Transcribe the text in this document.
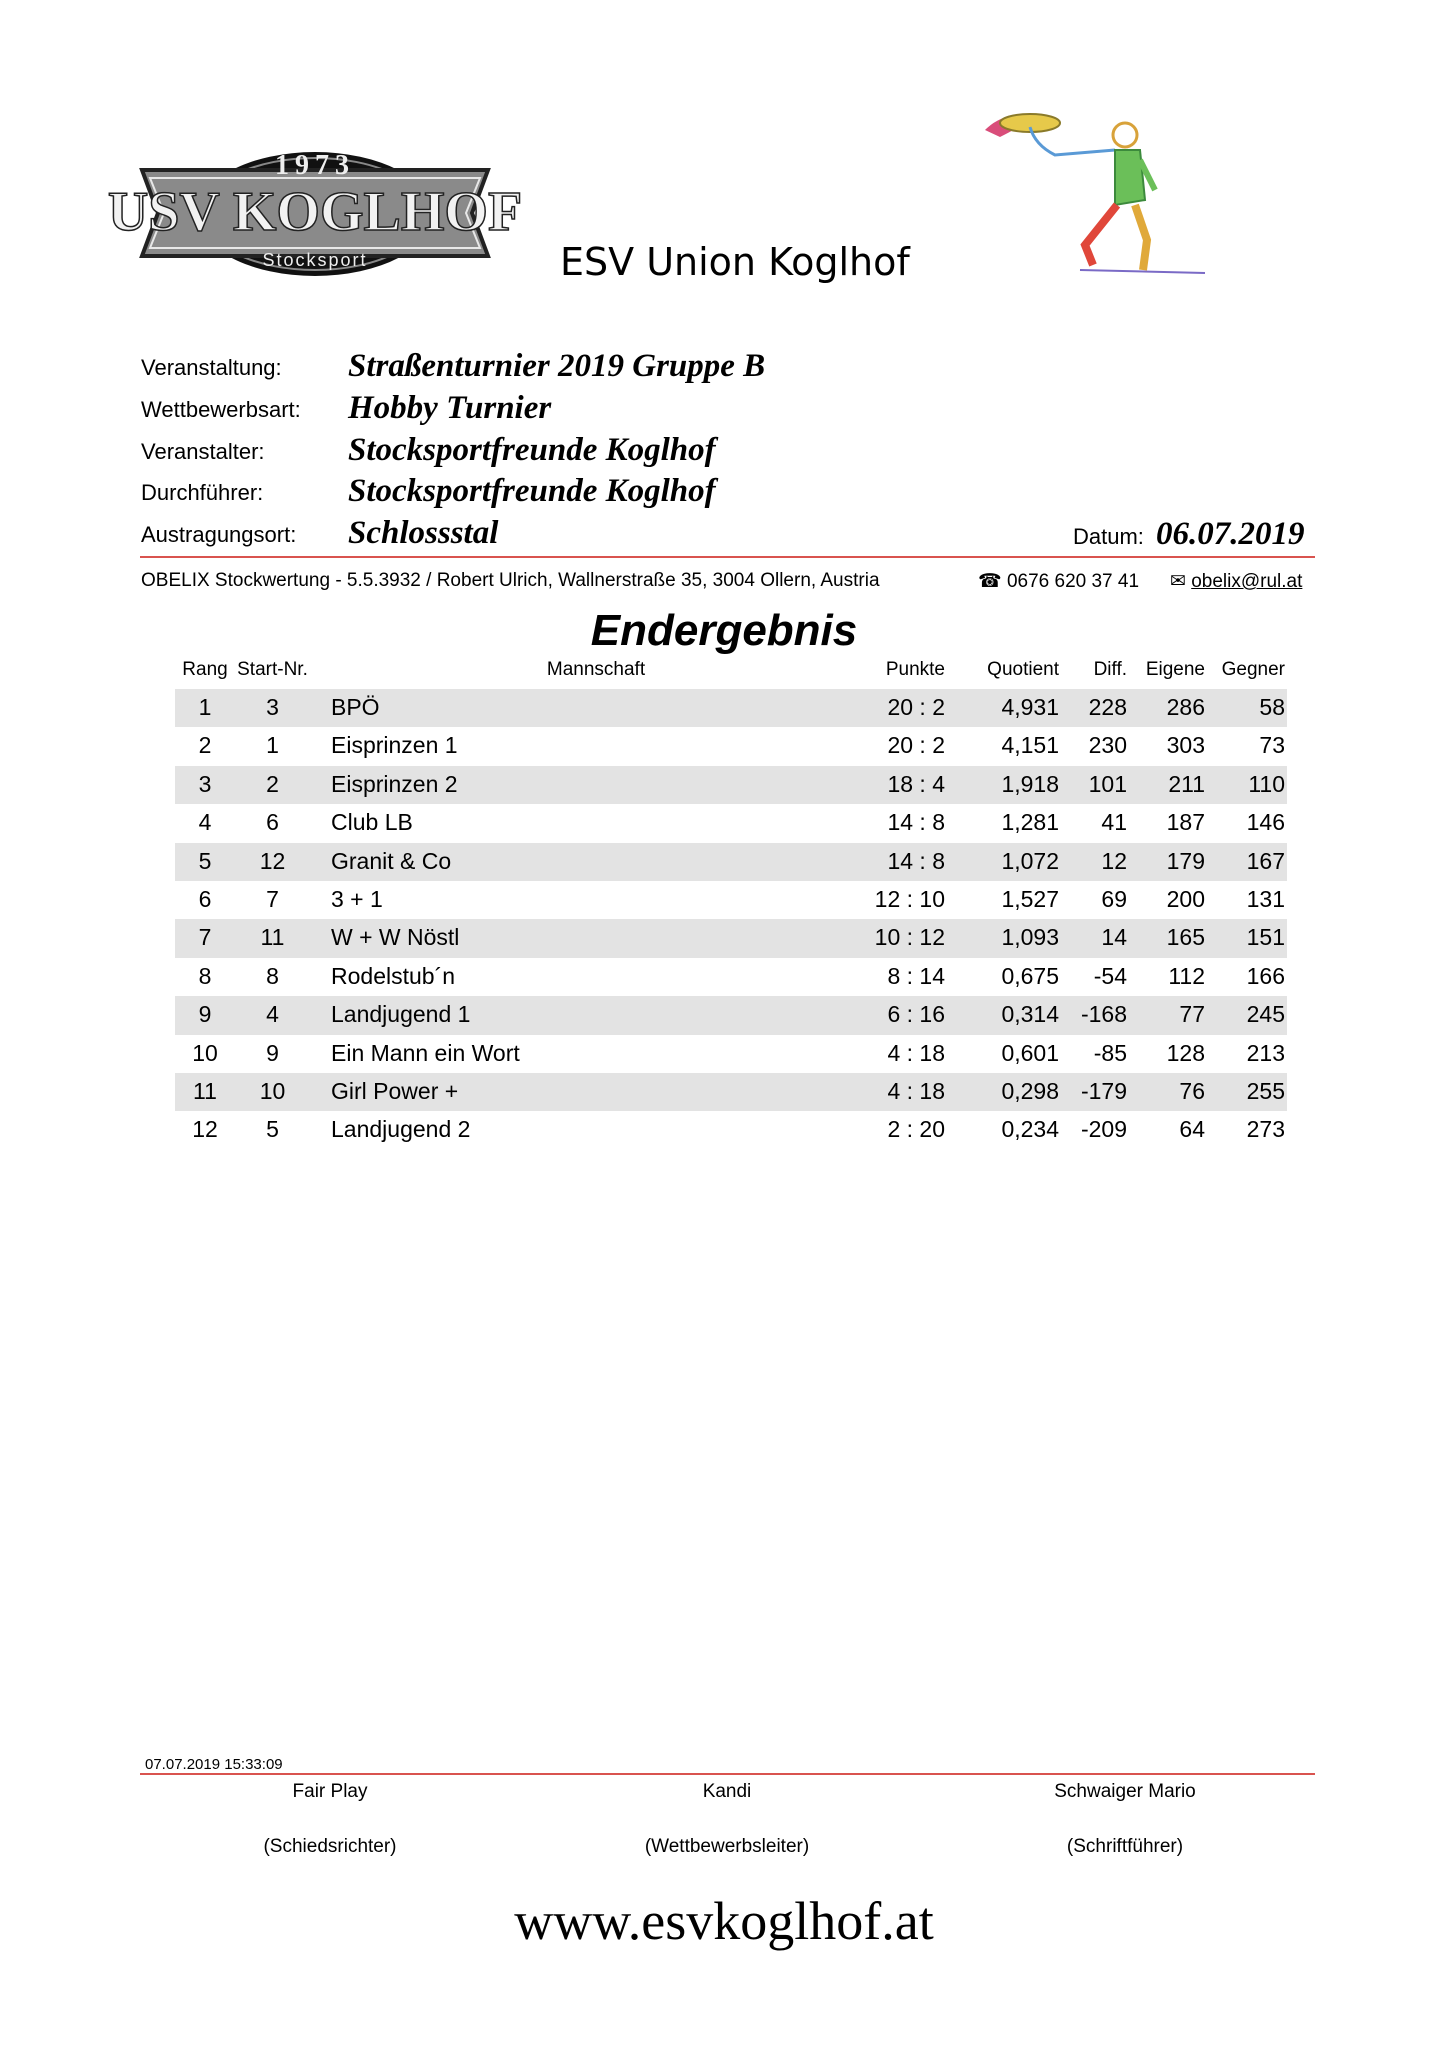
1973
USV KOGLHOF
Stocksport	ESV Union Koglhof
Veranstaltung: Straßenturnier 2019 Gruppe B
Wettbewerbsart: Hobby Turnier
Veranstalter:	Stocksportfreunde Koglhof
Durchführer:	Stocksportfreunde Koglhof
Austragungsort: Schlossstal	Datum: 06.07.2019
OBELIX Stockwertung - 5.5.3932 / Robert Ulrich, Wallnerstraße 35, 3004 Ollern, Austria	☎ 0676 620 37 41 ✉ obelix@rul.at
Endergebnis
Rang Start-Nr.	Mannschaft	Punkte	Quotient	Diff. Eigene Gegner
1	3	BPÖ	20 : 2	4,931	228	286	58
2	1	Eisprinzen 1	20 : 2	4,151	230	303	73
3	2	Eisprinzen 2	18 : 4	1,918	101	211	110
4	6	Club LB	14 : 8	1,281	41	187	146
5	12	Granit & Co	14 : 8	1,072	12	179	167
6	7	3 + 1	12 : 10	1,527	69	200	131
7	11	W + W Nöstl	10 : 12	1,093	14	165	151
8	8	Rodelstub´n	8 : 14	0,675	-54	112	166
9	4	Landjugend 1	6 : 16	0,314 -168	77	245
10	9	Ein Mann ein Wort	4 : 18	0,601	-85	128	213
11	10	Girl Power +	4 : 18	0,298 -179	76	255
12	5	Landjugend 2	2 : 20	0,234 -209	64	273
07.07.2019 15:33:09
Fair Play	Kandi	Schwaiger Mario
(Schiedsrichter)	(Wettbewerbsleiter)	(Schriftführer)
www.esvkoglhof.at
